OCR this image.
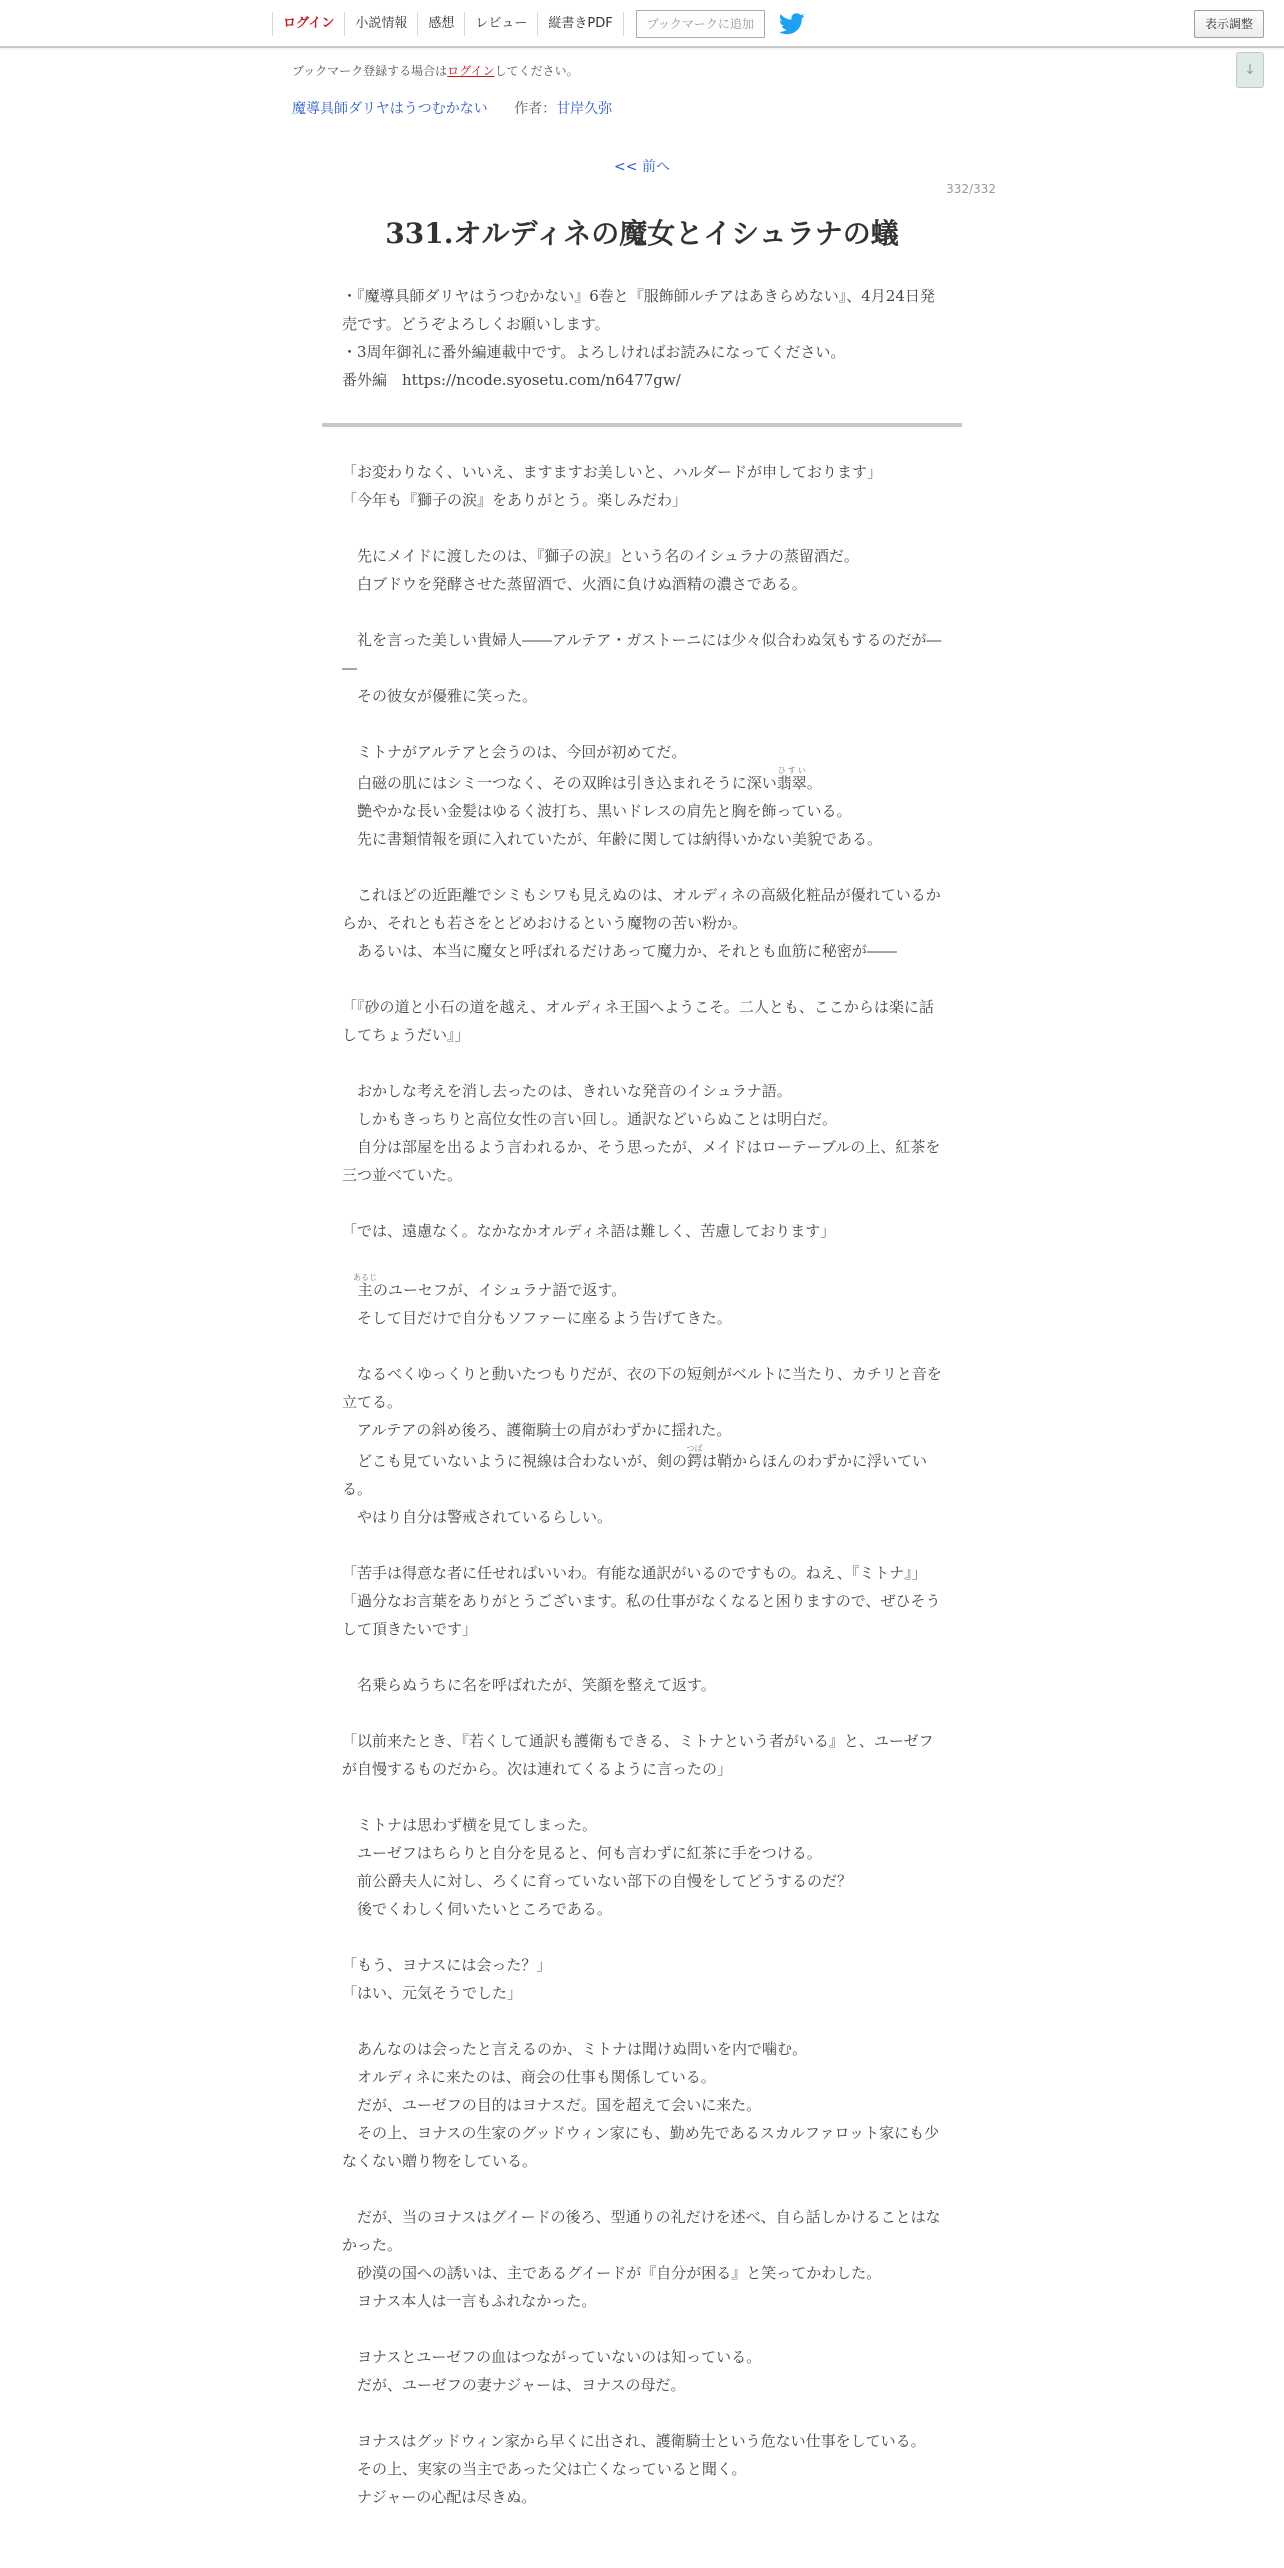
ログイン	小説情報	感想	レビュー	縦書きPDF	ブックマークに追加	表示調整
↓
ブックマーク登録する場合はログインしてください。
魔導具師ダリヤはうつむかない 作者：甘岸久弥
<< 前へ
332/332
331.オルディネの魔女とイシュラナの蟻

・『魔導具師ダリヤはうつむかない』6巻と『服飾師ルチアはあきらめない』、4月24日発売です。どうぞよろしくお願いします。

・3周年御礼に番外編連載中です。よろしければお読みになってください。

番外編　https://ncode.syosetu.com/n6477gw/

「お変わりなく、いいえ、ますますお美しいと、ハルダードが申しております」

「今年も『獅子の涙』をありがとう。楽しみだわ」

　先にメイドに渡したのは、『獅子の涙』という名のイシュラナの蒸留酒だ。

　白ブドウを発酵させた蒸留酒で、火酒に負けぬ酒精の濃さである。

　礼を言った美しい貴婦人――アルテア・ガストーニには少々似合わぬ気もするのだが――

　その彼女が優雅に笑った。

　ミトナがアルテアと会うのは、今回が初めてだ。

　白磁の肌にはシミ一つなく、その双眸は引き込まれそうに深い翡翠ひすい。

　艶やかな長い金髪はゆるく波打ち、黒いドレスの肩先と胸を飾っている。

　先に書類情報を頭に入れていたが、年齢に関しては納得いかない美貌である。

　これほどの近距離でシミもシワも見えぬのは、オルディネの高級化粧品が優れているからか、それとも若さをとどめおけるという魔物の苦い粉か。

　あるいは、本当に魔女と呼ばれるだけあって魔力か、それとも血筋に秘密が――

「『砂の道と小石の道を越え、オルディネ王国へようこそ。二人とも、ここからは楽に話してちょうだい』」

　おかしな考えを消し去ったのは、きれいな発音のイシュラナ語。

　しかもきっちりと高位女性の言い回し。通訳などいらぬことは明白だ。

　自分は部屋を出るよう言われるか、そう思ったが、メイドはローテーブルの上、紅茶を三つ並べていた。

「では、遠慮なく。なかなかオルディネ語は難しく、苦慮しております」

　主あるじのユーセフが、イシュラナ語で返す。

　そして目だけで自分もソファーに座るよう告げてきた。

　なるべくゆっくりと動いたつもりだが、衣の下の短剣がベルトに当たり、カチリと音を立てる。

　アルテアの斜め後ろ、護衛騎士の肩がわずかに揺れた。

　どこも見ていないように視線は合わないが、剣の鍔つばは鞘からほんのわずかに浮いている。

　やはり自分は警戒されているらしい。

「苦手は得意な者に任せればいいわ。有能な通訳がいるのですもの。ねえ、『ミトナ』」

「過分なお言葉をありがとうございます。私の仕事がなくなると困りますので、ぜひそうして頂きたいです」

　名乗らぬうちに名を呼ばれたが、笑顔を整えて返す。

「以前来たとき、『若くして通訳も護衛もできる、ミトナという者がいる』と、ユーゼフが自慢するものだから。次は連れてくるように言ったの」

　ミトナは思わず横を見てしまった。

　ユーゼフはちらりと自分を見ると、何も言わずに紅茶に手をつける。

　前公爵夫人に対し、ろくに育っていない部下の自慢をしてどうするのだ？

　後でくわしく伺いたいところである。

「もう、ヨナスには会った？」

「はい、元気そうでした」

　あんなのは会ったと言えるのか、ミトナは聞けぬ問いを内で噛む。

　オルディネに来たのは、商会の仕事も関係している。

　だが、ユーゼフの目的はヨナスだ。国を超えて会いに来た。

　その上、ヨナスの生家のグッドウィン家にも、勤め先であるスカルファロット家にも少なくない贈り物をしている。

　だが、当のヨナスはグイードの後ろ、型通りの礼だけを述べ、自ら話しかけることはなかった。

　砂漠の国への誘いは、主であるグイードが『自分が困る』と笑ってかわした。

　ヨナス本人は一言もふれなかった。

　ヨナスとユーゼフの血はつながっていないのは知っている。

　だが、ユーゼフの妻ナジャーは、ヨナスの母だ。

　ヨナスはグッドウィン家から早くに出され、護衛騎士という危ない仕事をしている。

　その上、実家の当主であった父は亡くなっていると聞く。

　ナジャーの心配は尽きぬ。
